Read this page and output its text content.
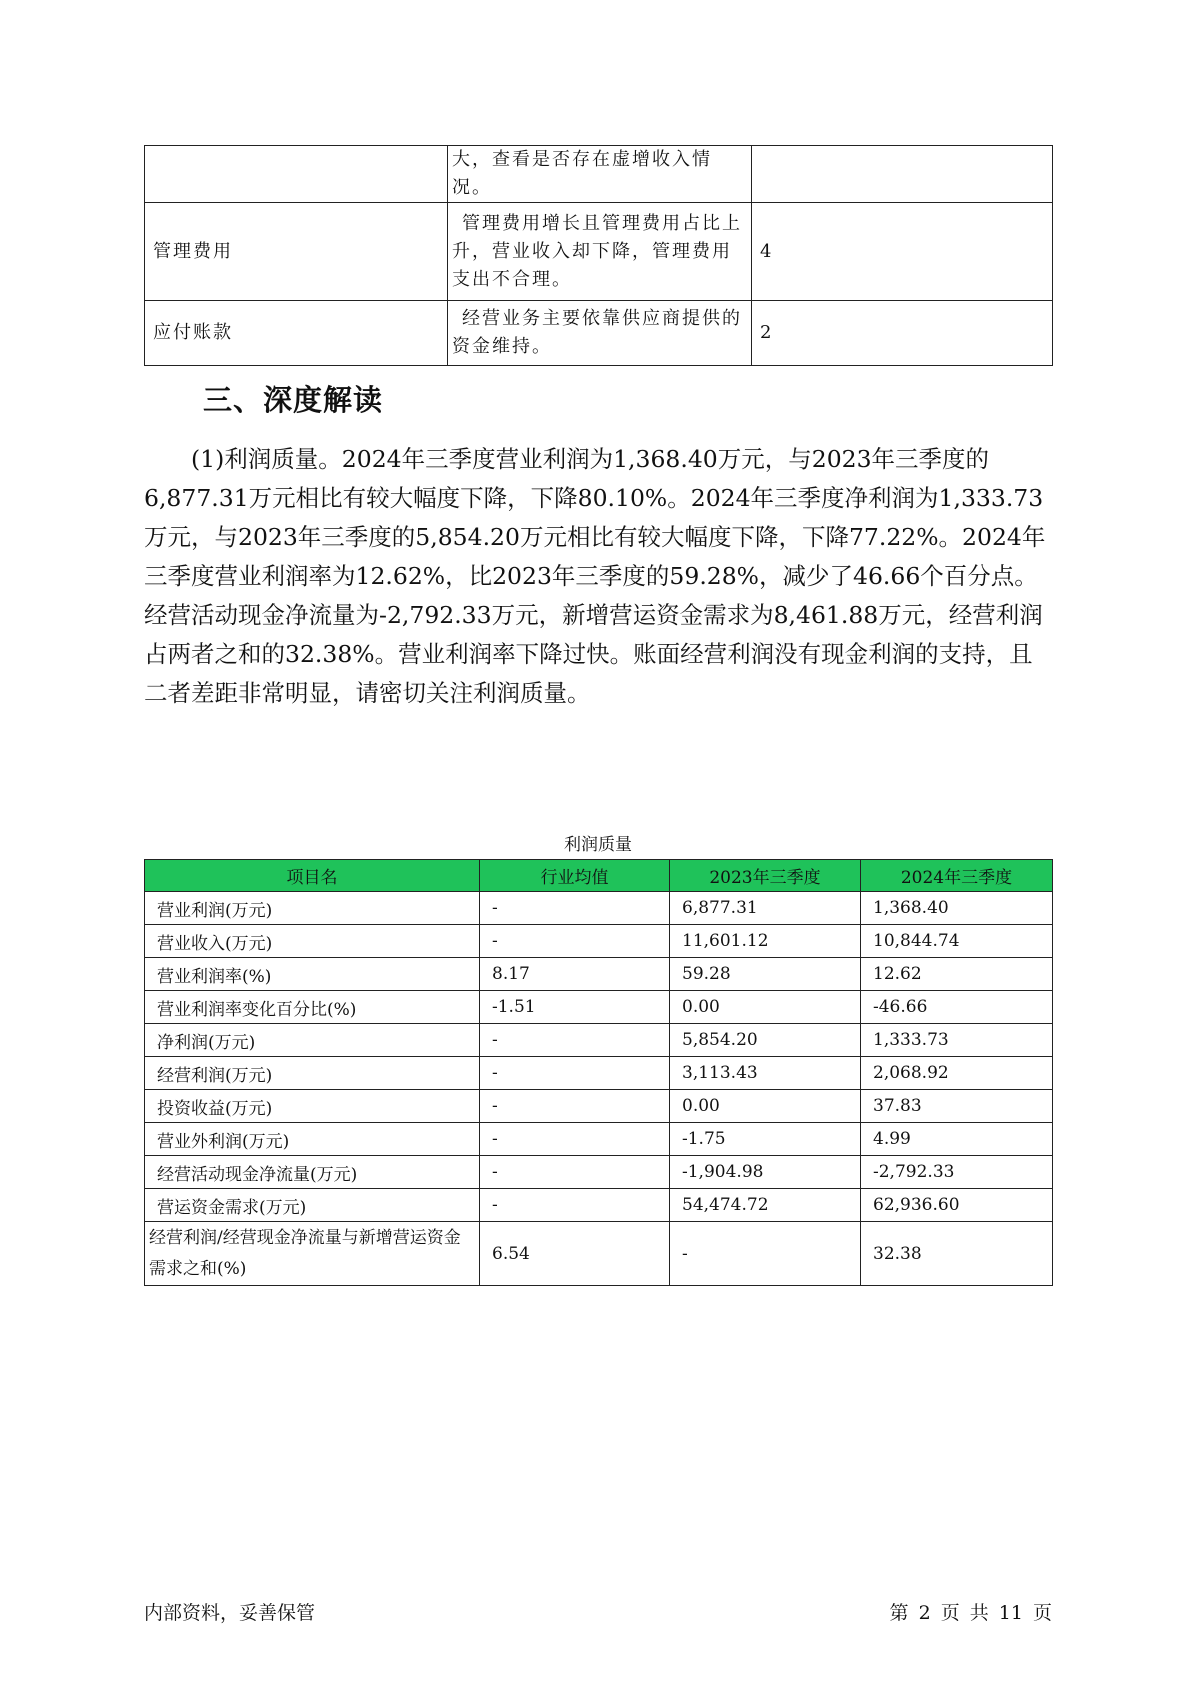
	大，查看是否存在虚增收入情况。	
管理费用	管理费用增长且管理费用占比上升，营业收入却下降，管理费用支出不合理。	4
应付账款	经营业务主要依靠供应商提供的资金维持。	2
三、深度解读

(1)利润质量。2024年三季度营业利润为1,368.40万元，与2023年三季度的6,877.31万元相比有较大幅度下降，下降80.10%。2024年三季度净利润为1,333.73万元，与2023年三季度的5,854.20万元相比有较大幅度下降，下降77.22%。2024年三季度营业利润率为12.62%，比2023年三季度的59.28%，减少了46.66个百分点。经营活动现金净流量为-2,792.33万元，新增营运资金需求为8,461.88万元，经营利润占两者之和的32.38%。营业利润率下降过快。账面经营利润没有现金利润的支持，且二者差距非常明显，请密切关注利润质量。

利润质量
项目名	行业均值	2023年三季度	2024年三季度
营业利润(万元)	-	6,877.31	1,368.40
营业收入(万元)	-	11,601.12	10,844.74
营业利润率(%)	8.17	59.28	12.62
营业利润率变化百分比(%)	-1.51	0.00	-46.66
净利润(万元)	-	5,854.20	1,333.73
经营利润(万元)	-	3,113.43	2,068.92
投资收益(万元)	-	0.00	37.83
营业外利润(万元)	-	-1.75	4.99
经营活动现金净流量(万元)	-	-1,904.98	-2,792.33
营运资金需求(万元)	-	54,474.72	62,936.60
经营利润/经营现金净流量与新增营运资金需求之和(%)	6.54	-	32.38
内部资料，妥善保管	第 2 页 共 11 页
